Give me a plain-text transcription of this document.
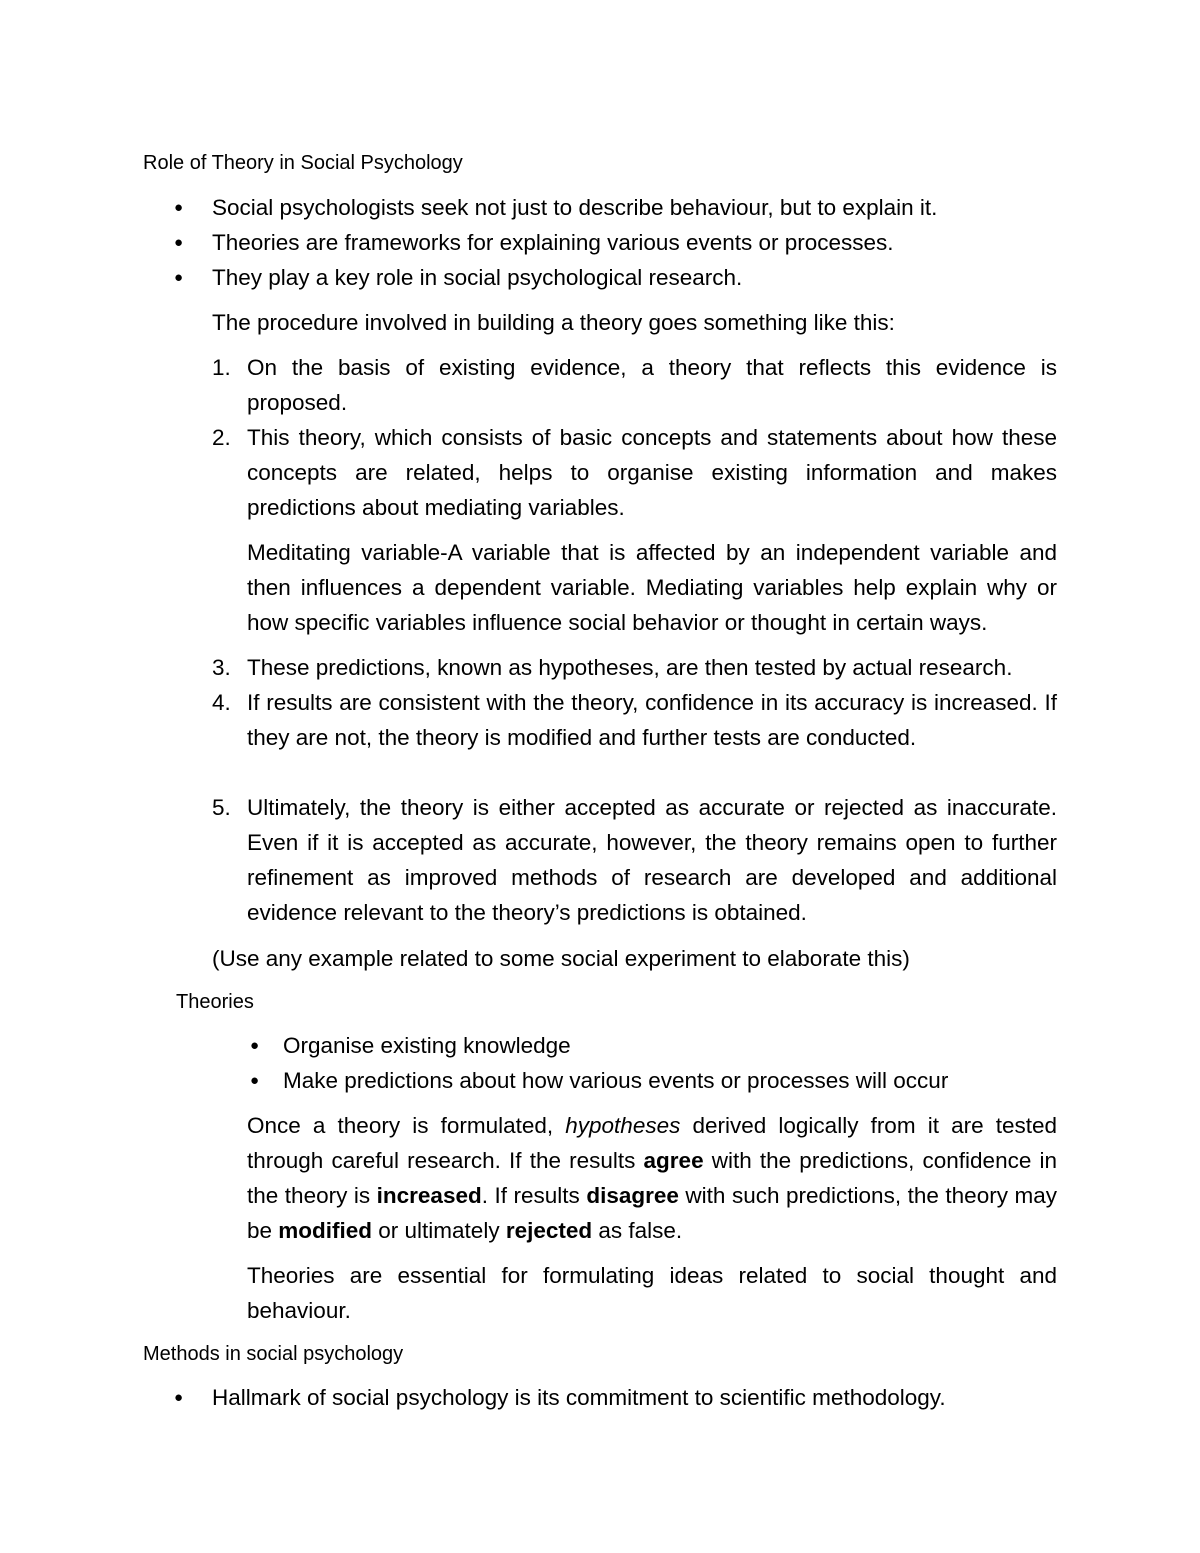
Role of Theory in Social Psychology

● Social psychologists seek not just to describe behaviour, but to explain it.

● Theories are frameworks for explaining various events or processes.

● They play a key role in social psychological research.

The procedure involved in building a theory goes something like this:

1. On the basis of existing evidence, a theory that reflects this evidence is proposed.

2. This theory, which consists of basic concepts and statements about how these concepts are related, helps to organise existing information and makes predictions about mediating variables.

Meditating variable-A variable that is affected by an independent variable and then influences a dependent variable. Mediating variables help explain why or how specific variables influence social behavior or thought in certain ways.

3. These predictions, known as hypotheses, are then tested by actual research.

4. If results are consistent with the theory, confidence in its accuracy is increased. If they are not, the theory is modified and further tests are conducted.

5. Ultimately, the theory is either accepted as accurate or rejected as inaccurate. Even if it is accepted as accurate, however, the theory remains open to further refinement as improved methods of research are developed and additional evidence relevant to the theory’s predictions is obtained.

(Use any example related to some social experiment to elaborate this)

Theories

● Organise existing knowledge

● Make predictions about how various events or processes will occur

Once a theory is formulated, hypotheses derived logically from it are tested through careful research. If the results agree with the predictions, confidence in the theory is increased. If results disagree with such predictions, the theory may be modified or ultimately rejected as false.

Theories are essential for formulating ideas related to social thought and behaviour.

Methods in social psychology

● Hallmark of social psychology is its commitment to scientific methodology.
